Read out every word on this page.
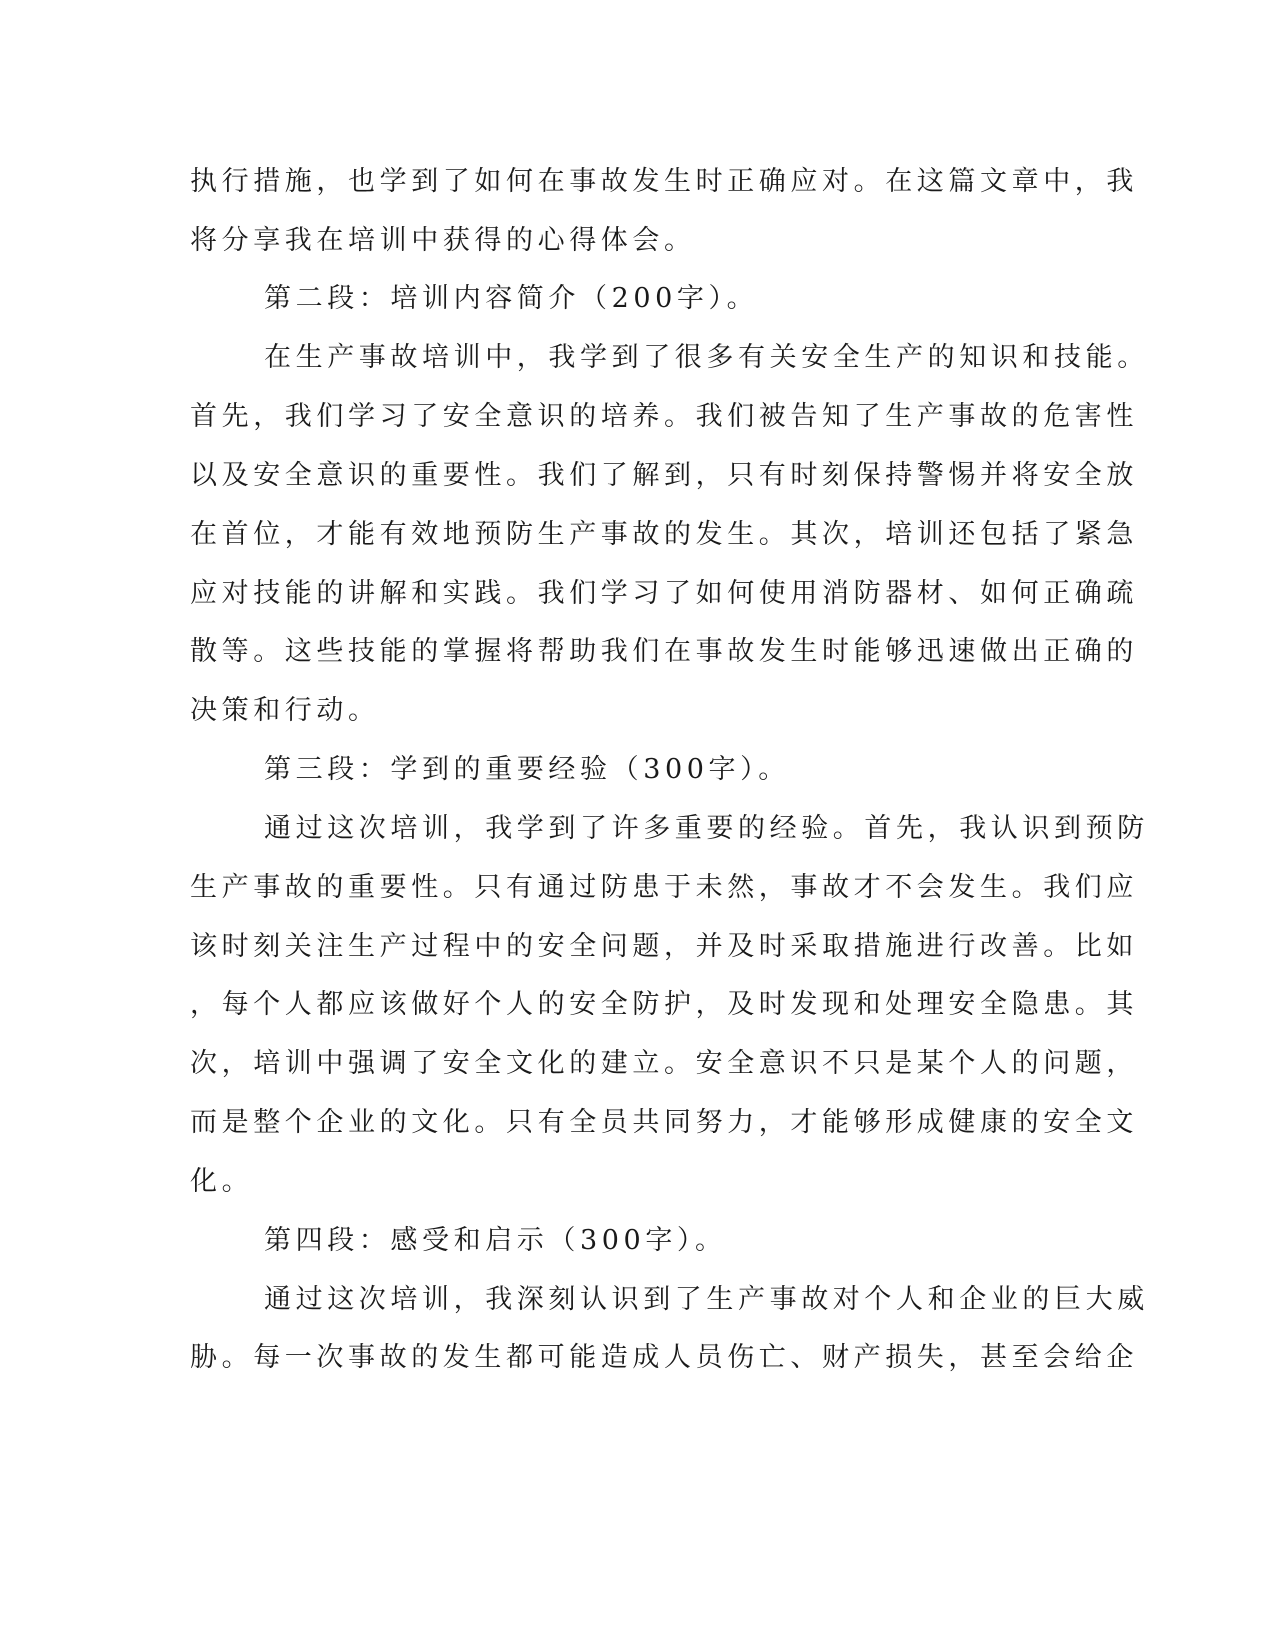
执行措施，也学到了如何在事故发生时正确应对。在这篇文章中，我
将分享我在培训中获得的心得体会。
第二段：培训内容简介（200字）。
在生产事故培训中，我学到了很多有关安全生产的知识和技能。
首先，我们学习了安全意识的培养。我们被告知了生产事故的危害性
以及安全意识的重要性。我们了解到，只有时刻保持警惕并将安全放
在首位，才能有效地预防生产事故的发生。其次，培训还包括了紧急
应对技能的讲解和实践。我们学习了如何使用消防器材、如何正确疏
散等。这些技能的掌握将帮助我们在事故发生时能够迅速做出正确的
决策和行动。
第三段：学到的重要经验（300字）。
通过这次培训，我学到了许多重要的经验。首先，我认识到预防
生产事故的重要性。只有通过防患于未然，事故才不会发生。我们应
该时刻关注生产过程中的安全问题，并及时采取措施进行改善。比如
，每个人都应该做好个人的安全防护，及时发现和处理安全隐患。其
次，培训中强调了安全文化的建立。安全意识不只是某个人的问题，
而是整个企业的文化。只有全员共同努力，才能够形成健康的安全文
化。
第四段：感受和启示（300字）。
通过这次培训，我深刻认识到了生产事故对个人和企业的巨大威
胁。每一次事故的发生都可能造成人员伤亡、财产损失，甚至会给企
